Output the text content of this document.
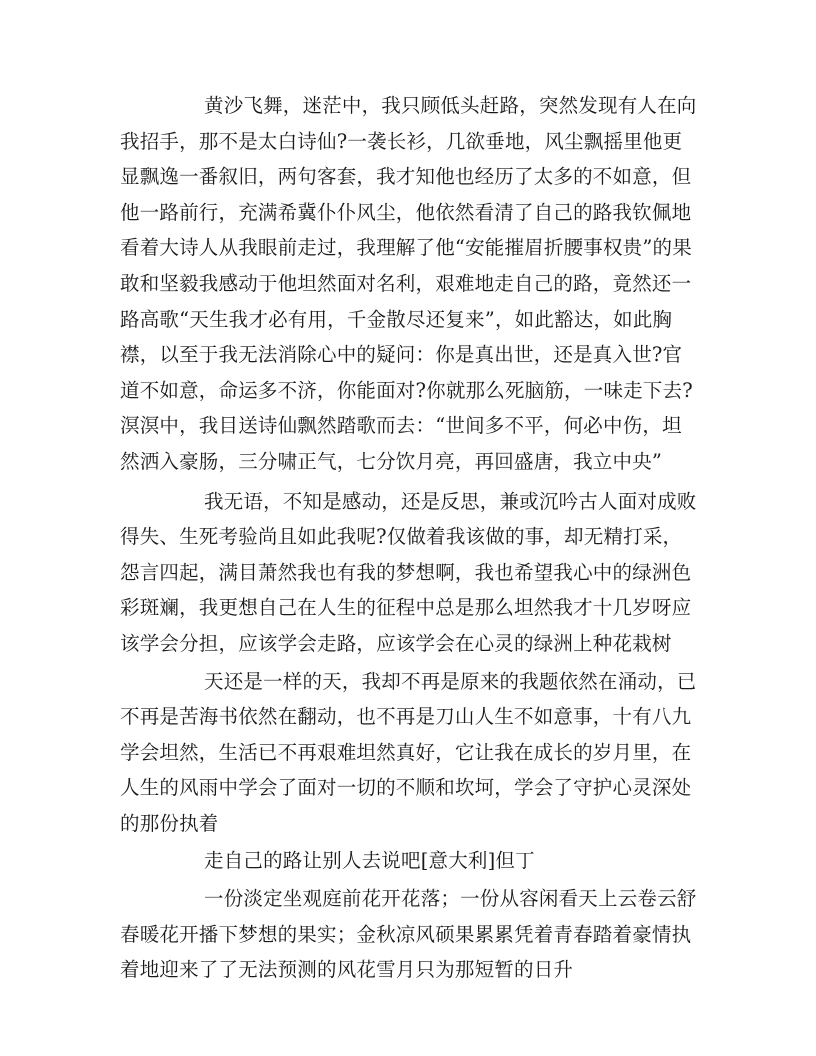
黄沙飞舞，迷茫中，我只顾低头赶路，突然发现有人在向我招手，那不是太白诗仙?一袭长衫，几欲垂地，风尘飘摇里他更显飘逸一番叙旧，两句客套，我才知他也经历了太多的不如意，但他一路前行，充满希冀仆仆风尘，他依然看清了自己的路我钦佩地看着大诗人从我眼前走过，我理解了他“安能摧眉折腰事权贵”的果敢和坚毅我感动于他坦然面对名利，艰难地走自己的路，竟然还一路高歌“天生我才必有用，千金散尽还复来”，如此豁达，如此胸襟，以至于我无法消除心中的疑问：你是真出世，还是真入世?官道不如意，命运多不济，你能面对?你就那么死脑筋，一味走下去?溟溟中，我目送诗仙飘然踏歌而去：“世间多不平，何必中伤，坦然洒入豪肠，三分啸正气，七分饮月亮，再回盛唐，我立中央”

我无语，不知是感动，还是反思，兼或沉吟古人面对成败得失、生死考验尚且如此我呢?仅做着我该做的事，却无精打采，怨言四起，满目萧然我也有我的梦想啊，我也希望我心中的绿洲色彩斑斓，我更想自己在人生的征程中总是那么坦然我才十几岁呀应该学会分担，应该学会走路，应该学会在心灵的绿洲上种花栽树

天还是一样的天，我却不再是原来的我题依然在涌动，已不再是苦海书依然在翻动，也不再是刀山人生不如意事，十有八九学会坦然，生活已不再艰难坦然真好，它让我在成长的岁月里，在人生的风雨中学会了面对一切的不顺和坎坷，学会了守护心灵深处的那份执着

走自己的路让别人去说吧[意大利]但丁

一份淡定坐观庭前花开花落；一份从容闲看天上云卷云舒春暖花开播下梦想的果实；金秋凉风硕果累累凭着青春踏着豪情执着地迎来了了无法预测的风花雪月只为那短暂的日升
